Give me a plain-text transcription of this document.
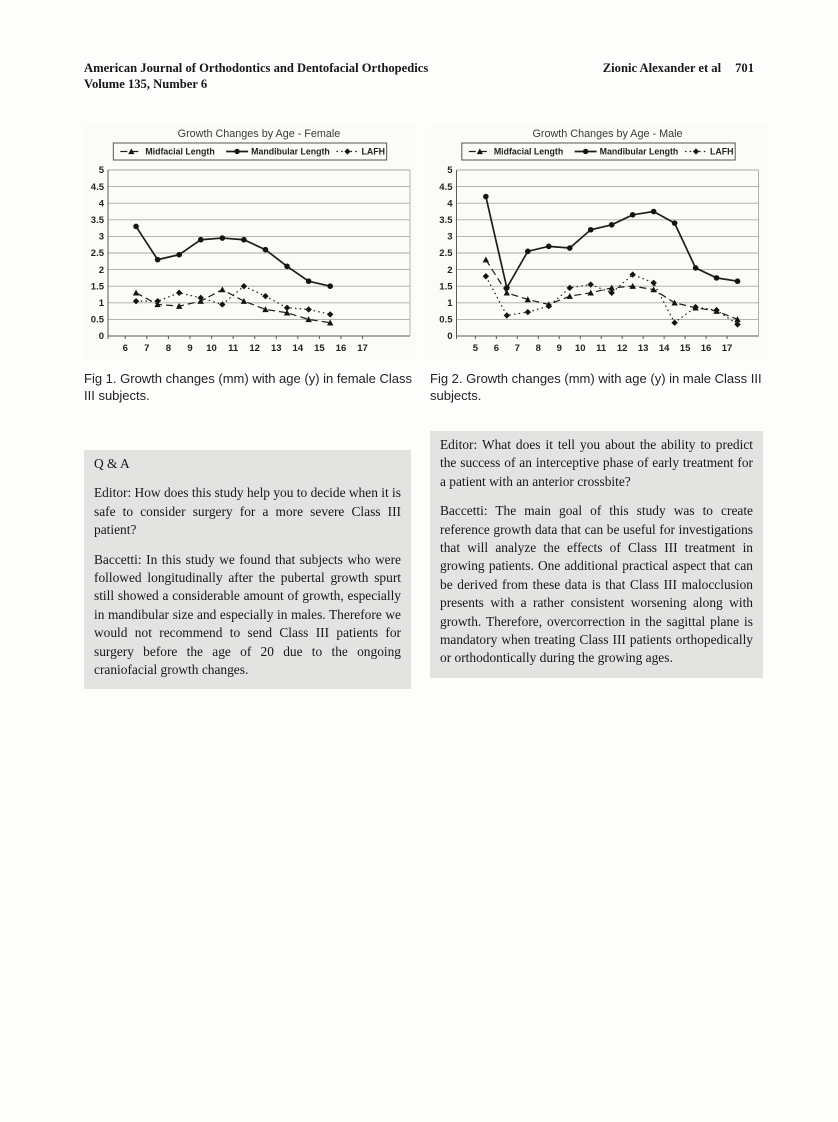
American Journal of Orthodontics and Dentofacial Orthopedics
Volume 135, Number 6
Zionic Alexander et al 701
Growth Changes by Age - Female
0
0.5
1
1.5
2
2.5
3
3.5
4
4.5
5
6 7 8 9 10 11 12 13 14 15 16 17
Midfacial Length	Mandibular Length	LAFH
Growth Changes by Age - Male
0
0.5
1
1.5
2
2.5
3
3.5
4
4.5
5
5 6 7 8 9 10 11 12 13 14 15 16 17
Midfacial Length	Mandibular Length	LAFH
Fig 1. Growth changes (mm) with age (y) in female Class III subjects.
Fig 2. Growth changes (mm) with age (y) in male Class III subjects.

Q & A

Editor: How does this study help you to decide when it is safe to consider surgery for a more severe Class III patient?

Baccetti: In this study we found that subjects who were followed longitudinally after the pubertal growth spurt still showed a considerable amount of growth, especially in mandibular size and especially in males. Therefore we would not recommend to send Class III patients for surgery before the age of 20 due to the ongoing craniofacial growth changes.

Editor: What does it tell you about the ability to predict the success of an interceptive phase of early treatment for a patient with an anterior crossbite?

Baccetti: The main goal of this study was to create reference growth data that can be useful for investigations that will analyze the effects of Class III treatment in growing patients. One additional practical aspect that can be derived from these data is that Class III malocclusion presents with a rather consistent worsening along with growth. Therefore, overcorrection in the sagittal plane is mandatory when treating Class III patients orthopedically or orthodontically during the growing ages.
